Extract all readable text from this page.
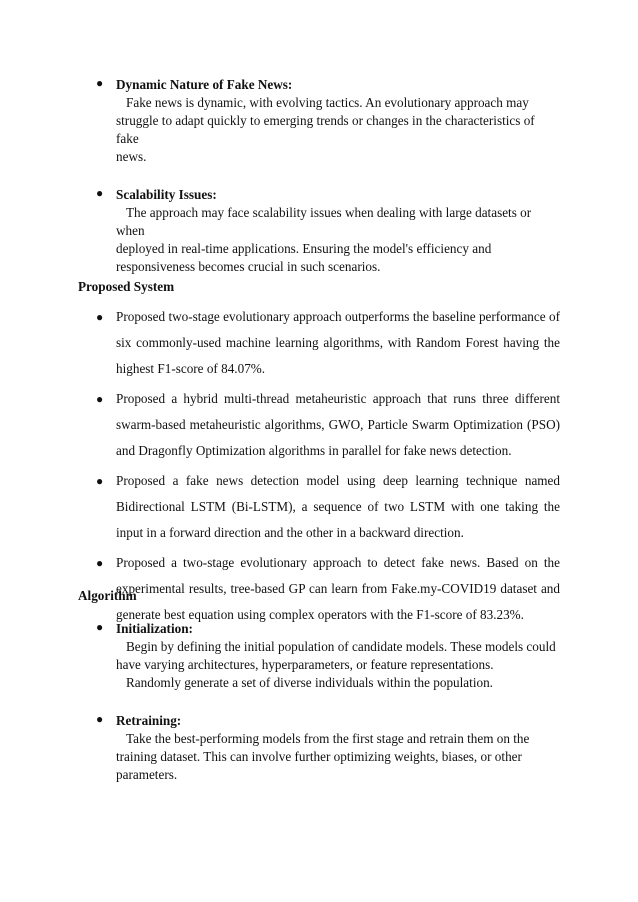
● Dynamic Nature of Fake News:
Fake news is dynamic, with evolving tactics. An evolutionary approach may
struggle to adapt quickly to emerging trends or changes in the characteristics of fake
news.
● Scalability Issues:
The approach may face scalability issues when dealing with large datasets or when
deployed in real-time applications. Ensuring the model's efficiency and
responsiveness becomes crucial in such scenarios.
Proposed System
● Proposed two-stage evolutionary approach outperforms the baseline performance of six commonly-used machine learning algorithms, with Random Forest having the highest F1-score of 84.07%.
● Proposed a hybrid multi-thread metaheuristic approach that runs three different swarm-based metaheuristic algorithms, GWO, Particle Swarm Optimization (PSO) and Dragonfly Optimization algorithms in parallel for fake news detection.
● Proposed a fake news detection model using deep learning technique named Bidirectional LSTM (Bi-LSTM), a sequence of two LSTM with one taking the input in a forward direction and the other in a backward direction.
● Proposed a two-stage evolutionary approach to detect fake news. Based on the experimental results, tree-based GP can learn from Fake.my-COVID19 dataset and generate best equation using complex operators with the F1-score of 83.23%.
Algorithm
● Initialization:
Begin by defining the initial population of candidate models. These models could
have varying architectures, hyperparameters, or feature representations.
Randomly generate a set of diverse individuals within the population.
● Retraining:
Take the best-performing models from the first stage and retrain them on the
training dataset. This can involve further optimizing weights, biases, or other
parameters.
